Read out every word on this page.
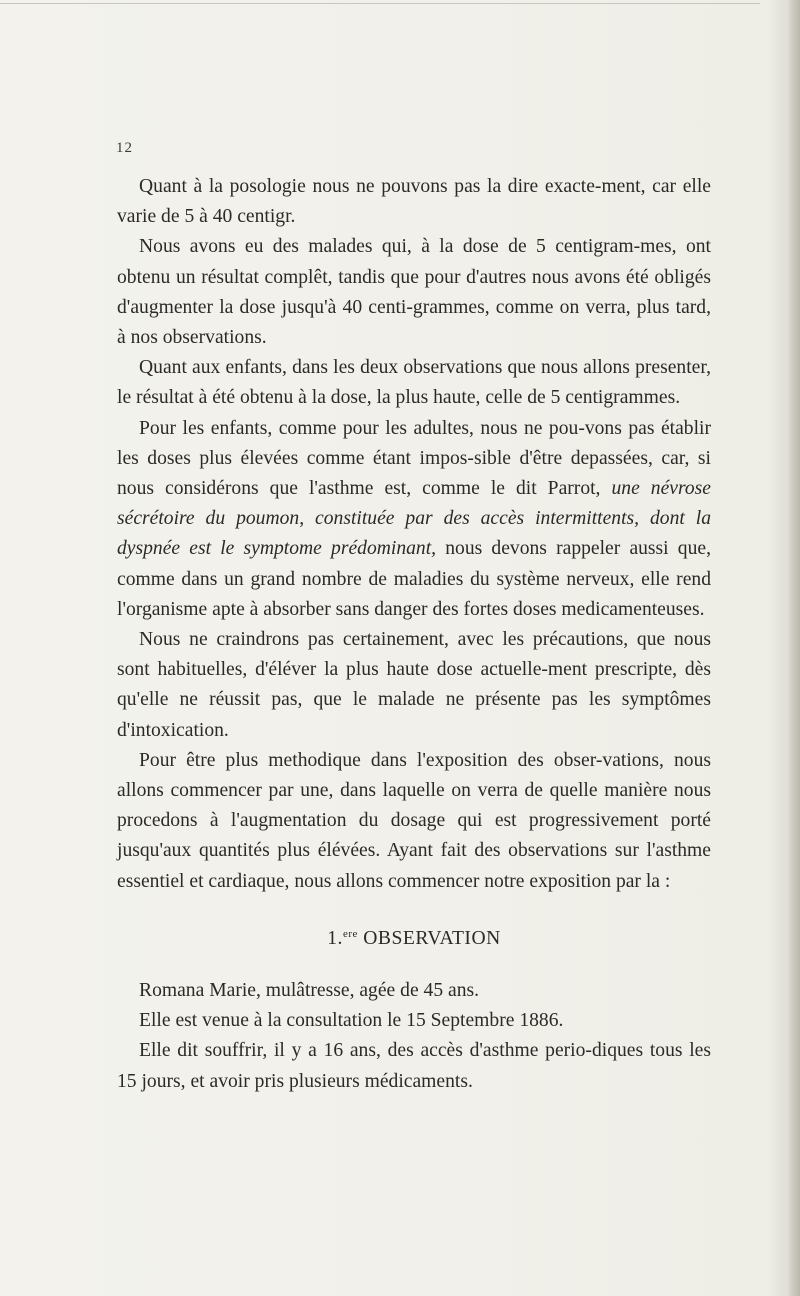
12

Quant à la posologie nous ne pouvons pas la dire exacte-ment, car elle varie de 5 à 40 centigr.

Nous avons eu des malades qui, à la dose de 5 centigram-mes, ont obtenu un résultat complêt, tandis que pour d'autres nous avons été obligés d'augmenter la dose jusqu'à 40 centi-grammes, comme on verra, plus tard, à nos observations.

Quant aux enfants, dans les deux observations que nous allons presenter, le résultat à été obtenu à la dose, la plus haute, celle de 5 centigrammes.

Pour les enfants, comme pour les adultes, nous ne pou-vons pas établir les doses plus élevées comme étant impos-sible d'être depassées, car, si nous considérons que l'asthme est, comme le dit Parrot, une névrose sécrétoire du poumon, constituée par des accès intermittents, dont la dyspnée est le symptome prédominant, nous devons rappeler aussi que, comme dans un grand nombre de maladies du système nerveux, elle rend l'organisme apte à absorber sans danger des fortes doses medicamenteuses.

Nous ne craindrons pas certainement, avec les précautions, que nous sont habituelles, d'éléver la plus haute dose actuelle-ment prescripte, dès qu'elle ne réussit pas, que le malade ne présente pas les symptômes d'intoxication.

Pour être plus methodique dans l'exposition des obser-vations, nous allons commencer par une, dans laquelle on verra de quelle manière nous procedons à l'augmentation du dosage qui est progressivement porté jusqu'aux quantités plus élévées. Ayant fait des observations sur l'asthme essentiel et cardiaque, nous allons commencer notre exposition par la :

1.$^{ere}$ OBSERVATION

Romana Marie, mulâtresse, agée de 45 ans.

Elle est venue à la consultation le 15 Septembre 1886.

Elle dit souffrir, il y a 16 ans, des accès d'asthme perio-diques tous les 15 jours, et avoir pris plusieurs médicaments.
